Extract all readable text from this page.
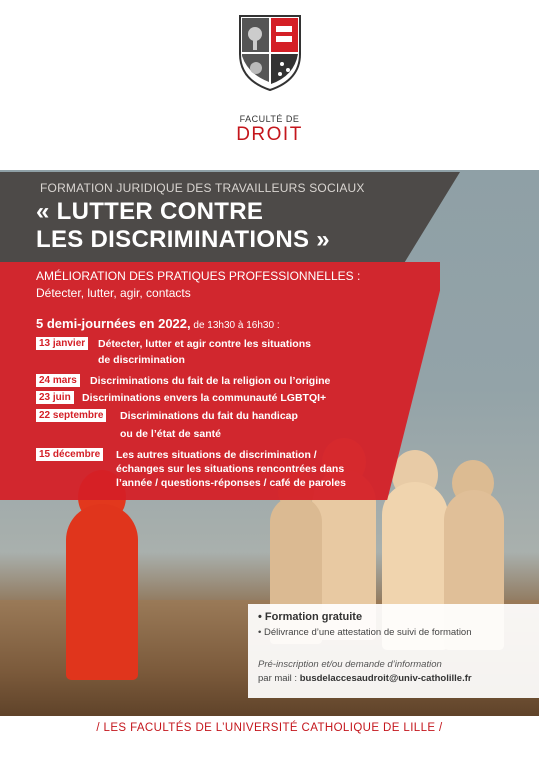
FACULTÉ DE
DROIT
FORMATION JURIDIQUE DES TRAVAILLEURS SOCIAUX
« LUTTER CONTRE
LES DISCRIMINATIONS »
AMÉLIORATION DES PRATIQUES PROFESSIONNELLES :
Détecter, lutter, agir, contacts
5 demi-journées en 2022, de 13h30 à 16h30 :
13 janvier Détecter, lutter et agir contre les situations
de discrimination
24 mars Discriminations du fait de la religion ou l’origine
23 juin Discriminations envers la communauté LGBTQI+
22 septembre Discriminations du fait du handicap
ou de l’état de santé
15 décembre Les autres situations de discrimination /
échanges sur les situations rencontrées dans
l’année / questions-réponses / café de paroles
• Formation gratuite
• Délivrance d’une attestation de suivi de formation
Pré-inscription et/ou demande d’information
par mail : busdelaccesaudroit@univ-catholille.fr
/ LES FACULTÉS DE L’UNIVERSITÉ CATHOLIQUE DE LILLE /
